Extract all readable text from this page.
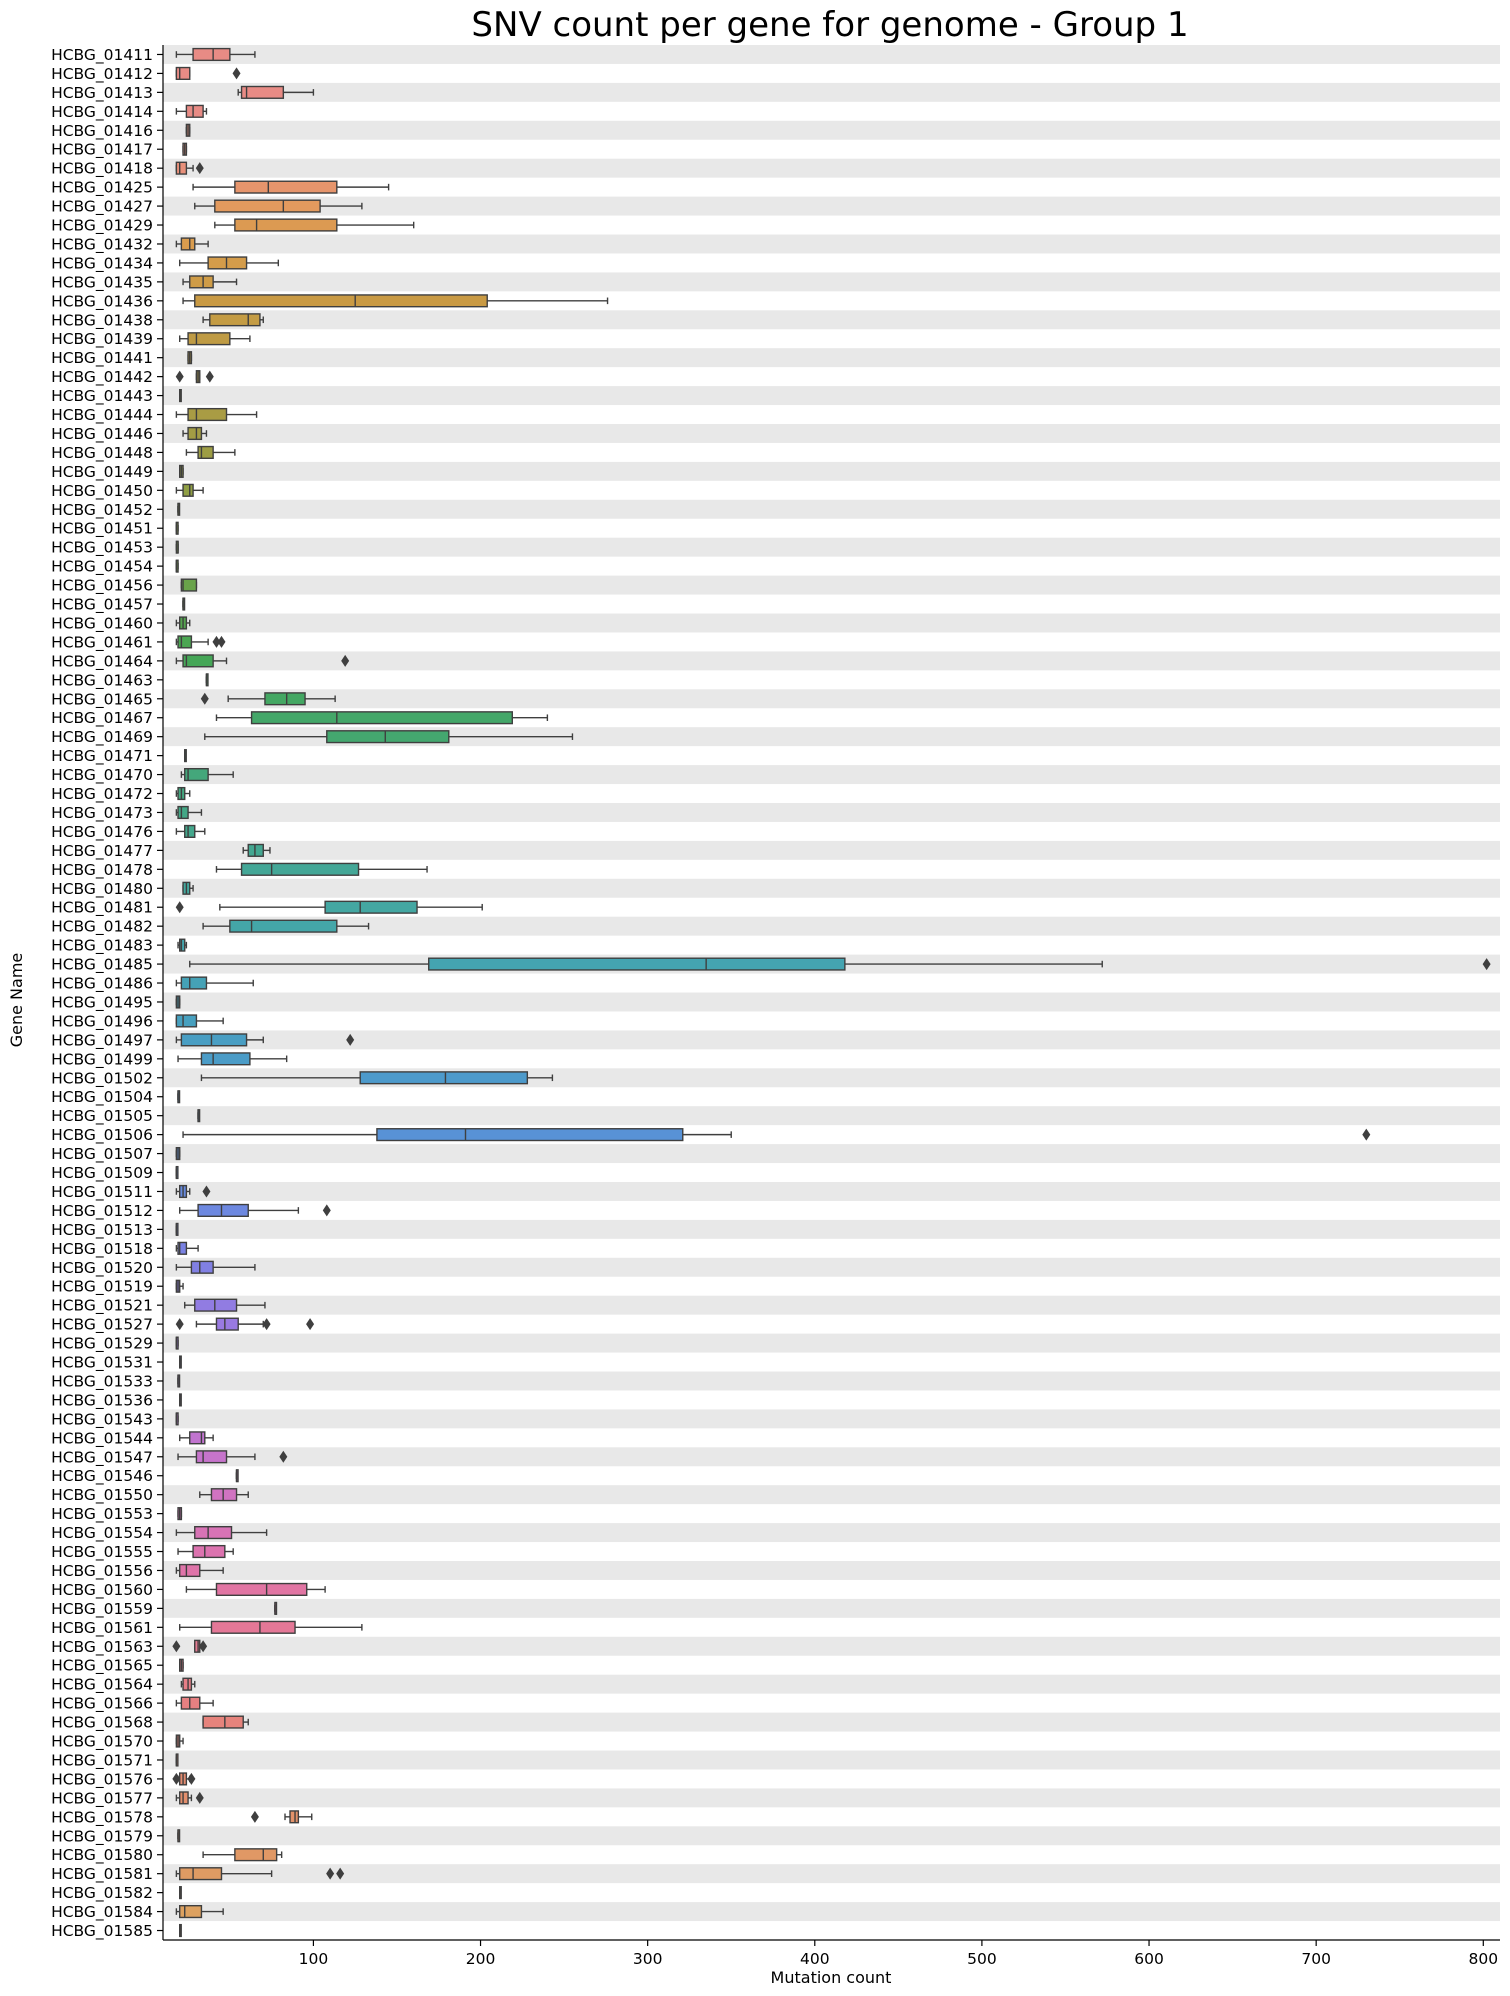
SNV count per gene for genome - Group 1
HCBG_01411
HCBG_01412
HCBG_01413
HCBG_01414
HCBG_01416
HCBG_01417
HCBG_01418
HCBG_01425
HCBG_01427
HCBG_01429
HCBG_01432
HCBG_01434
HCBG_01435
HCBG_01436
HCBG_01438
HCBG_01439
HCBG_01441
HCBG_01442
HCBG_01443
HCBG_01444
HCBG_01446
HCBG_01448
HCBG_01449
HCBG_01450
HCBG_01452
HCBG_01451
HCBG_01453
HCBG_01454
HCBG_01456
HCBG_01457
HCBG_01460
HCBG_01461
HCBG_01464
HCBG_01463
HCBG_01465
HCBG_01467
HCBG_01469
HCBG_01471
HCBG_01470
HCBG_01472
HCBG_01473
HCBG_01476
HCBG_01477
HCBG_01478
HCBG_01480
HCBG_01481
HCBG_01482
HCBG_01483
HCBG_01485
HCBG_01486
HCBG_01495
HCBG_01496
HCBG_01497
HCBG_01499
HCBG_01502
HCBG_01504
HCBG_01505
HCBG_01506
HCBG_01507
HCBG_01509
HCBG_01511
HCBG_01512
HCBG_01513
HCBG_01518
HCBG_01520
HCBG_01519
HCBG_01521
HCBG_01527
HCBG_01529
HCBG_01531
HCBG_01533
HCBG_01536
HCBG_01543
HCBG_01544
HCBG_01547
HCBG_01546
HCBG_01550
HCBG_01553
HCBG_01554
HCBG_01555
HCBG_01556
HCBG_01560
HCBG_01559
HCBG_01561
HCBG_01563
HCBG_01565
HCBG_01564
HCBG_01566
HCBG_01568
HCBG_01570
HCBG_01571
HCBG_01576
HCBG_01577
HCBG_01578
HCBG_01579
HCBG_01580
HCBG_01581
HCBG_01582
HCBG_01584
HCBG_01585
100	200	300	400	500	600	700	800
Mutation count
Gene Name
